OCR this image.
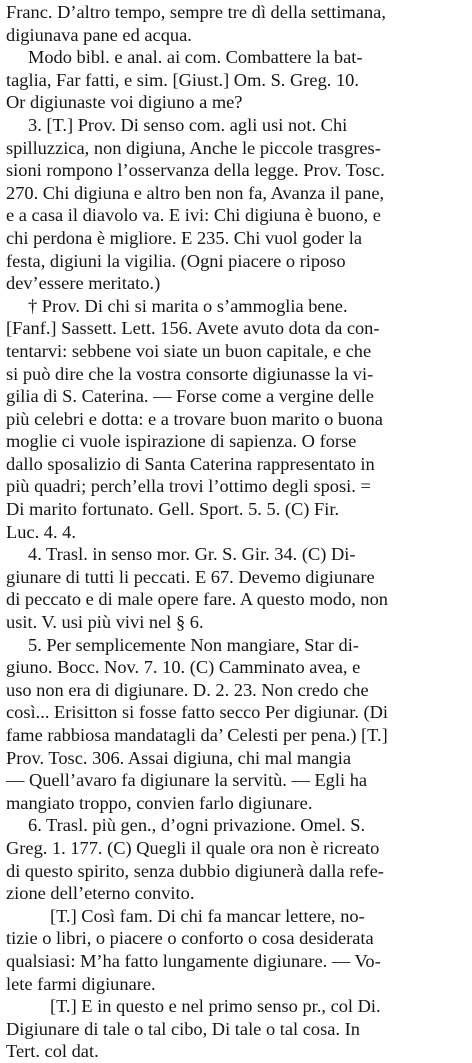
Franc. D’altro tempo, sempre tre dì della settimana,
digiunava pane ed acqua.
Modo bibl. e anal. ai com. Combattere la bat-
taglia, Far fatti, e sim. [Giust.] Om. S. Greg. 10.
Or digiunaste voi digiuno a me?
3. [T.] Prov. Di senso com. agli usi not. Chi
spilluzzica, non digiuna, Anche le piccole trasgres-
sioni rompono l’osservanza della legge. Prov. Tosc.
270. Chi digiuna e altro ben non fa, Avanza il pane,
e a casa il diavolo va. E ivi: Chi digiuna è buono, e
chi perdona è migliore. E 235. Chi vuol goder la
festa, digiuni la vigilia. (Ogni piacere o riposo
dev’essere meritato.)
† Prov. Di chi si marita o s’ammoglia bene.
[Fanf.] Sassett. Lett. 156. Avete avuto dota da con-
tentarvi: sebbene voi siate un buon capitale, e che
si può dire che la vostra consorte digiunasse la vi-
gilia di S. Caterina. — Forse come a vergine delle
più celebri e dotta: e a trovare buon marito o buona
moglie ci vuole ispirazione di sapienza. O forse
dallo sposalizio di Santa Caterina rappresentato in
più quadri; perch’ella trovi l’ottimo degli sposi. =
Di marito fortunato. Gell. Sport. 5. 5. (C) Fir.
Luc. 4. 4.
4. Trasl. in senso mor. Gr. S. Gir. 34. (C) Di-
giunare di tutti li peccati. E 67. Devemo digiunare
di peccato e di male opere fare. A questo modo, non
usit. V. usi più vivi nel § 6.
5. Per semplicemente Non mangiare, Star di-
giuno. Bocc. Nov. 7. 10. (C) Camminato avea, e
uso non era di digiunare. D. 2. 23. Non credo che
così... Erisitton si fosse fatto secco Per digiunar. (Di
fame rabbiosa mandatagli da’ Celesti per pena.) [T.]
Prov. Tosc. 306. Assai digiuna, chi mal mangia
— Quell’avaro fa digiunare la servitù. — Egli ha
mangiato troppo, convien farlo digiunare.
6. Trasl. più gen., d’ogni privazione. Omel. S.
Greg. 1. 177. (C) Quegli il quale ora non è ricreato
di questo spirito, senza dubbio digiunerà dalla refe-
zione dell’eterno convito.
[T.] Così fam. Di chi fa mancar lettere, no-
tizie o libri, o piacere o conforto o cosa desiderata
qualsiasi: M’ha fatto lungamente digiunare. — Vo-
lete farmi digiunare.
[T.] E in questo e nel primo senso pr., col Di.
Digiunare di tale o tal cibo, Di tale o tal cosa. In
Tert. col dat.
